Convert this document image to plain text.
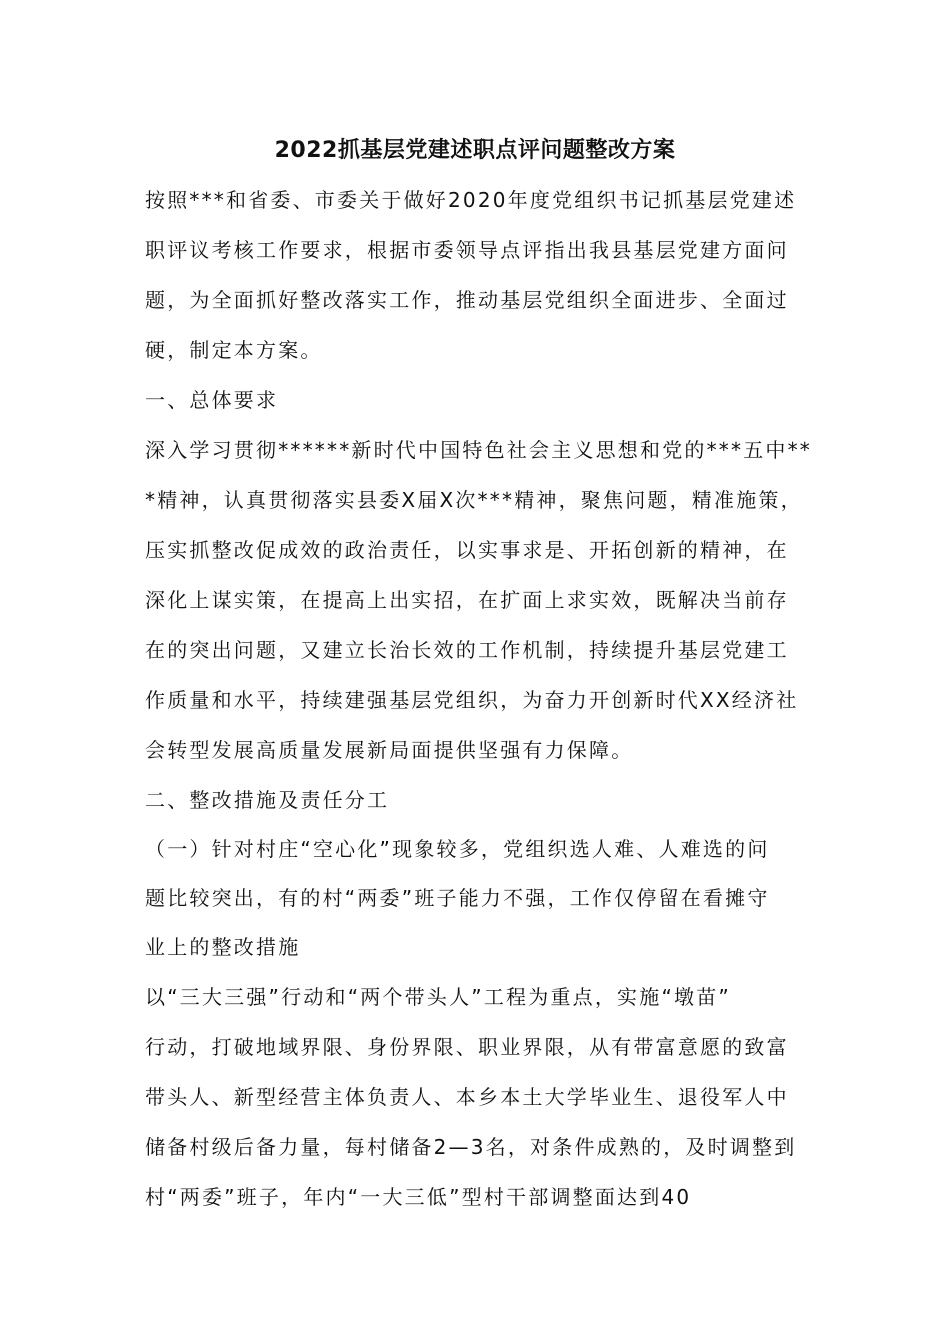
2022抓基层党建述职点评问题整改方案
按照***和省委、市委关于做好2020年度党组织书记抓基层党建述
职评议考核工作要求，根据市委领导点评指出我县基层党建方面问
题，为全面抓好整改落实工作，推动基层党组织全面进步、全面过
硬，制定本方案。
一、总体要求
深入学习贯彻******新时代中国特色社会主义思想和党的***五中**
*精神，认真贯彻落实县委X届X次***精神，聚焦问题，精准施策，
压实抓整改促成效的政治责任，以实事求是、开拓创新的精神，在
深化上谋实策，在提高上出实招，在扩面上求实效，既解决当前存
在的突出问题，又建立长治长效的工作机制，持续提升基层党建工
作质量和水平，持续建强基层党组织，为奋力开创新时代XX经济社
会转型发展高质量发展新局面提供坚强有力保障。
二、整改措施及责任分工
（一）针对村庄“空心化”现象较多，党组织选人难、人难选的问
题比较突出，有的村“两委”班子能力不强，工作仅停留在看摊守
业上的整改措施
以“三大三强”行动和“两个带头人”工程为重点，实施“墩苗”
行动，打破地域界限、身份界限、职业界限，从有带富意愿的致富
带头人、新型经营主体负责人、本乡本土大学毕业生、退役军人中
储备村级后备力量，每村储备2—3名，对条件成熟的，及时调整到
村“两委”班子，年内“一大三低”型村干部调整面达到40
